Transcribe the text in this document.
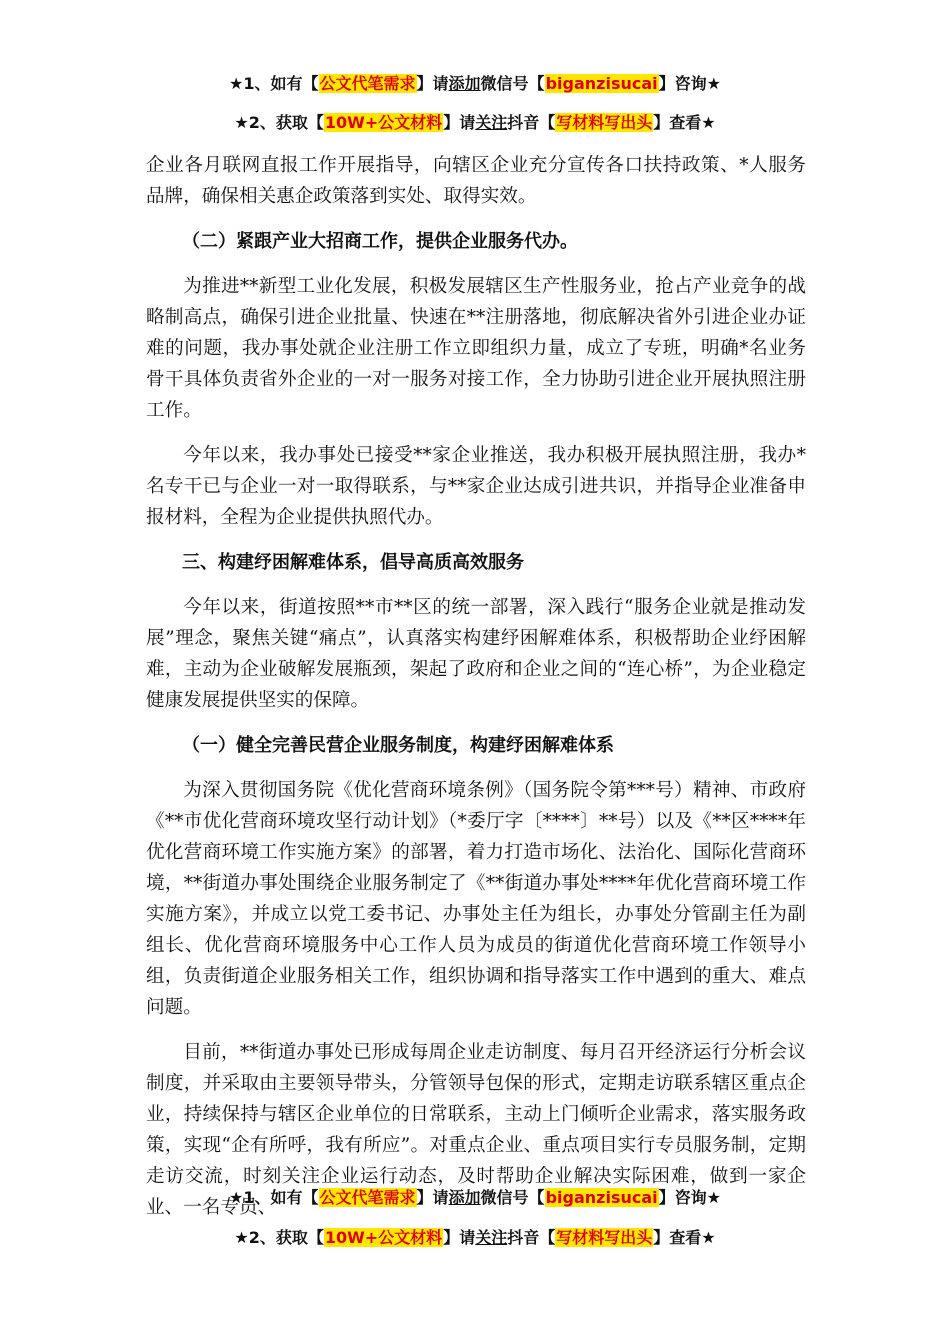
★1、如有【公文代笔需求】请添加微信号【biganzisucai】咨询★
★2、获取【10W+公文材料】请关注抖音【写材料写出头】查看★

企业各月联网直报工作开展指导，向辖区企业充分宣传各口扶持政策、*人服务品牌，确保相关惠企政策落到实处、取得实效。

（二）紧跟产业大招商工作，提供企业服务代办。

为推进**新型工业化发展，积极发展辖区生产性服务业，抢占产业竞争的战略制高点，确保引进企业批量、快速在**注册落地，彻底解决省外引进企业办证难的问题，我办事处就企业注册工作立即组织力量，成立了专班，明确*名业务骨干具体负责省外企业的一对一服务对接工作，全力协助引进企业开展执照注册工作。

今年以来，我办事处已接受**家企业推送，我办积极开展执照注册，我办*名专干已与企业一对一取得联系，与**家企业达成引进共识，并指导企业准备申报材料，全程为企业提供执照代办。

三、构建纾困解难体系，倡导高质高效服务

今年以来，街道按照**市**区的统一部署，深入践行“服务企业就是推动发展”理念，聚焦关键“痛点”，认真落实构建纾困解难体系，积极帮助企业纾困解难，主动为企业破解发展瓶颈，架起了政府和企业之间的“连心桥”，为企业稳定健康发展提供坚实的保障。

（一）健全完善民营企业服务制度，构建纾困解难体系

为深入贯彻国务院《优化营商环境条例》（国务院令第***号）精神、市政府《**市优化营商环境攻坚行动计划》（*委厅字〔****〕**号）以及《**区****年优化营商环境工作实施方案》的部署，着力打造市场化、法治化、国际化营商环境，**街道办事处围绕企业服务制定了《**街道办事处****年优化营商环境工作实施方案》，并成立以党工委书记、办事处主任为组长，办事处分管副主任为副组长、优化营商环境服务中心工作人员为成员的街道优化营商环境工作领导小组，负责街道企业服务相关工作，组织协调和指导落实工作中遇到的重大、难点问题。

目前，**街道办事处已形成每周企业走访制度、每月召开经济运行分析会议制度，并采取由主要领导带头，分管领导包保的形式，定期走访联系辖区重点企业，持续保持与辖区企业单位的日常联系，主动上门倾听企业需求，落实服务政策，实现“企有所呼，我有所应”。对重点企业、重点项目实行专员服务制，定期走访交流，时刻关注企业运行动态，及时帮助企业解决实际困难，做到一家企业、一名专员、

★1、如有【公文代笔需求】请添加微信号【biganzisucai】咨询★
★2、获取【10W+公文材料】请关注抖音【写材料写出头】查看★
